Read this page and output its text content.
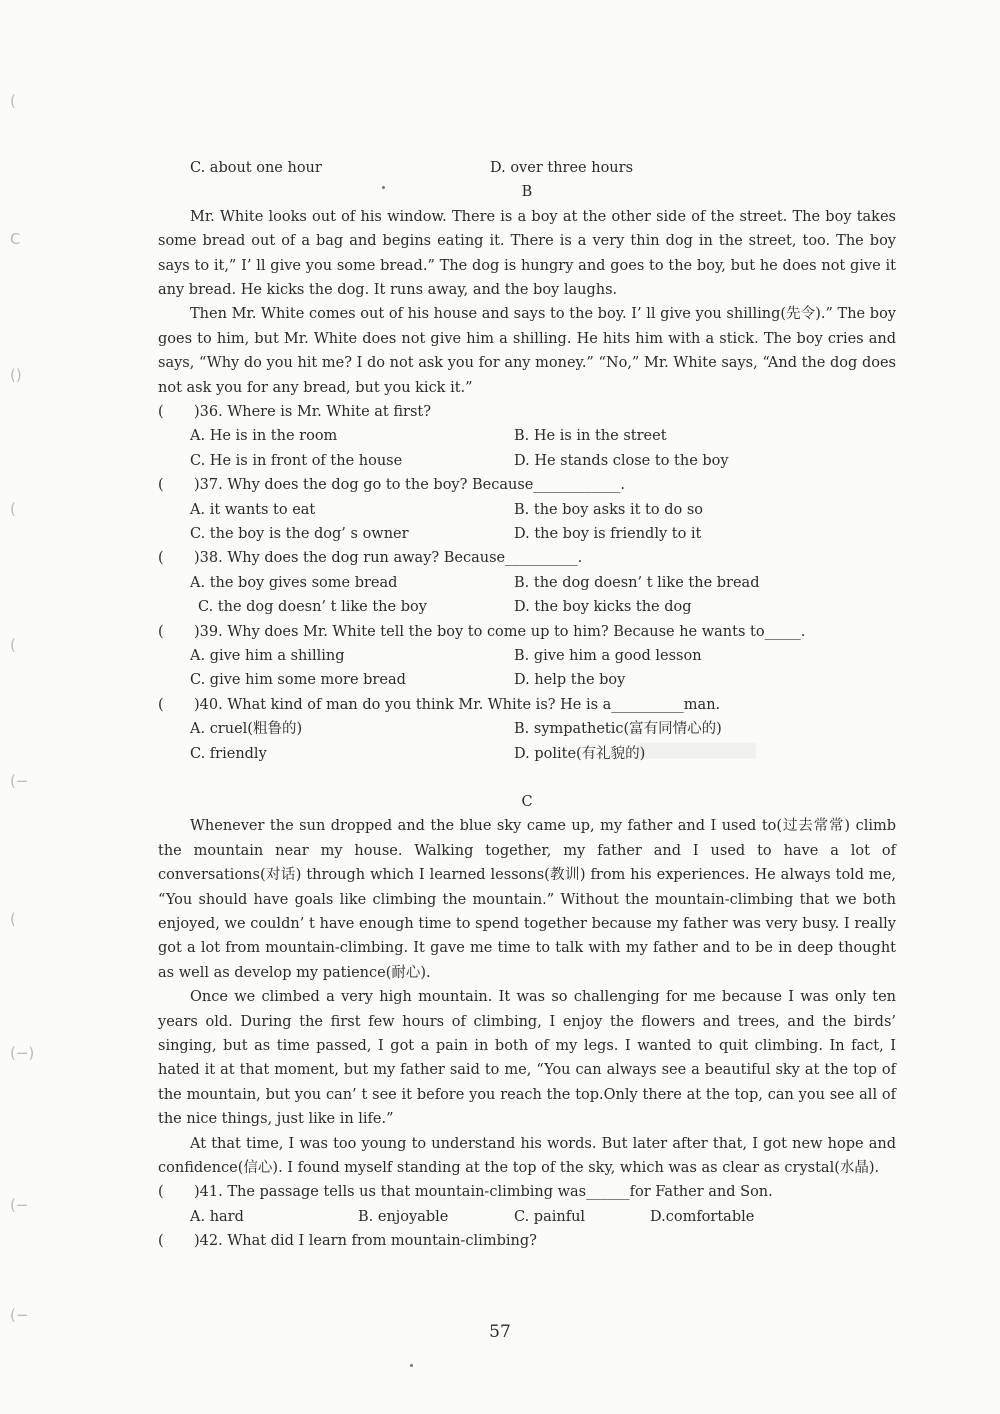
(
C
()
(
(
(−
(
(−)
(−
(−
C. about one hour	D. over three hours
B

Mr. White looks out of his window. There is a boy at the other side of the street. The boy takes some bread out of a bag and begins eating it. There is a very thin dog in the street, too. The boy says to it,” I’ ll give you some bread.” The dog is hungry and goes to the boy, but he does not give it any bread. He kicks the dog. It runs away, and the boy laughs.

Then Mr. White comes out of his house and says to the boy. I’ ll give you shilling(先令).” The boy goes to him, but Mr. White does not give him a shilling. He hits him with a stick. The boy cries and says, “Why do you hit me? I do not ask you for any money.” “No,” Mr. White says, “And the dog does not ask you for any bread, but you kick it.”

( )36. Where is Mr. White at first?
A. He is in the room	B. He is in the street
C. He is in front of the house	D. He stands close to the boy
( )37. Why does the dog go to the boy? Because____________.
A. it wants to eat	B. the boy asks it to do so
C. the boy is the dog’ s owner	D. the boy is friendly to it
( )38. Why does the dog run away? Because__________.
A. the boy gives some bread	B. the dog doesn’ t like the bread
C. the dog doesn’ t like the boy	D. the boy kicks the dog
( )39. Why does Mr. White tell the boy to come up to him? Because he wants to_____.
A. give him a shilling	B. give him a good lesson
C. give him some more bread	D. help the boy
( )40. What kind of man do you think Mr. White is? He is a__________man.
A. cruel(粗鲁的)	B. sympathetic(富有同情心的)
C. friendly	D. polite(有礼貌的)
C

Whenever the sun dropped and the blue sky came up, my father and I used to(过去常常) climb the mountain near my house. Walking together, my father and I used to have a lot of conversations(对话) through which I learned lessons(教训) from his experiences. He always told me, “You should have goals like climbing the mountain.” Without the mountain-climbing that we both enjoyed, we couldn’ t have enough time to spend together because my father was very busy. I really got a lot from mountain-climbing. It gave me time to talk with my father and to be in deep thought as well as develop my patience(耐心).

Once we climbed a very high mountain. It was so challenging for me because I was only ten years old. During the first few hours of climbing, I enjoy the flowers and trees, and the birds’ singing, but as time passed, I got a pain in both of my legs. I wanted to quit climbing. In fact, I hated it at that moment, but my father said to me, “You can always see a beautiful sky at the top of the mountain, but you can’ t see it before you reach the top.Only there at the top, can you see all of the nice things, just like in life.”

At that time, I was too young to understand his words. But later after that, I got new hope and confidence(信心). I found myself standing at the top of the sky, which was as clear as crystal(水晶).

( )41. The passage tells us that mountain-climbing was______for Father and Son.
A. hard	B. enjoyable	C. painful	D.comfortable
( )42. What did I learn from mountain-climbing?
57
